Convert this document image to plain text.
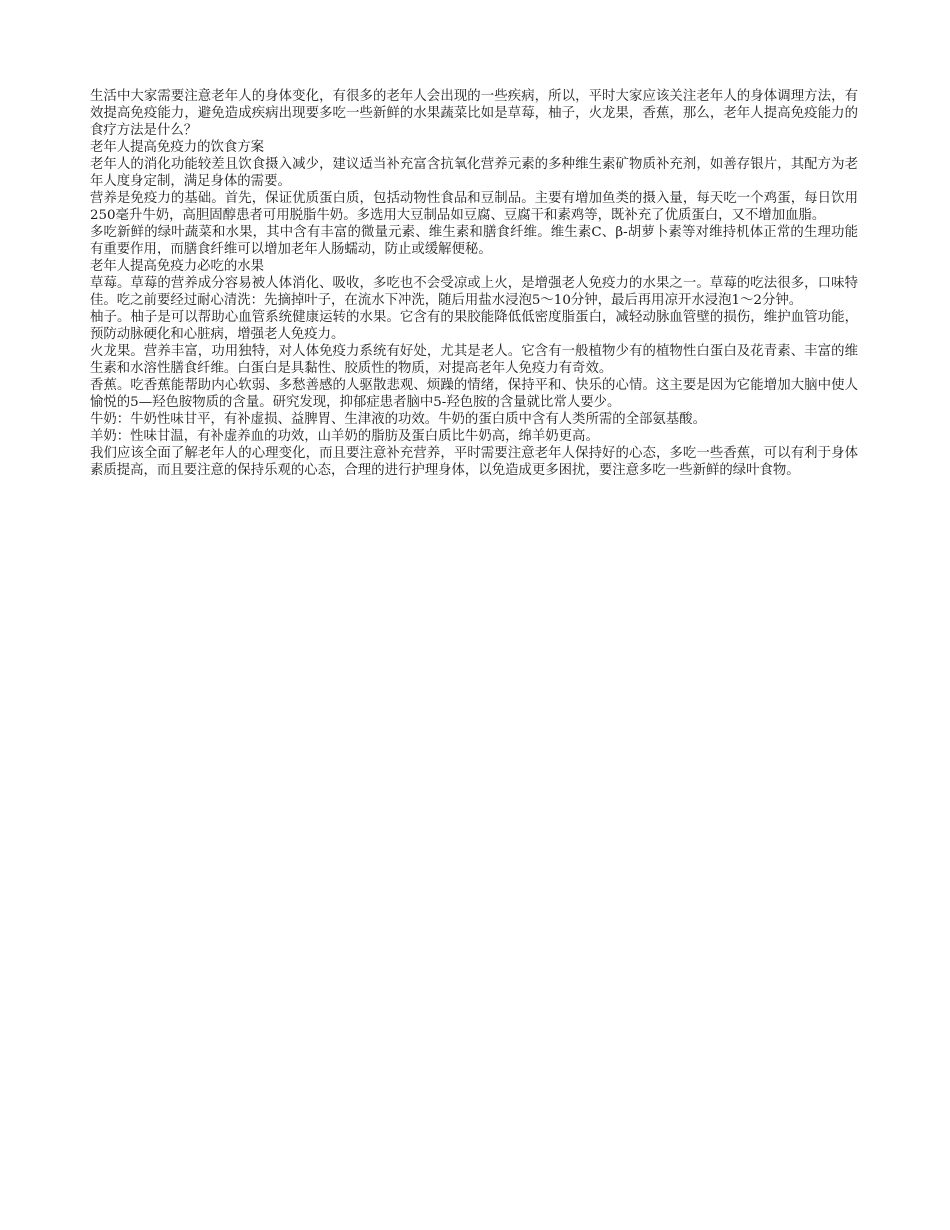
生活中大家需要注意老年人的身体变化，有很多的老年人会出现的一些疾病，所以，平时大家应该关注老年人的身体调理方法，有效提高免疫能力，避免造成疾病出现要多吃一些新鲜的水果蔬菜比如是草莓，柚子，火龙果，香蕉，那么，老年人提高免疫能力的食疗方法是什么？

老年人提高免疫力的饮食方案

老年人的消化功能较差且饮食摄入减少，建议适当补充富含抗氧化营养元素的多种维生素矿物质补充剂，如善存银片，其配方为老年人度身定制，满足身体的需要。

营养是免疫力的基础。首先，保证优质蛋白质，包括动物性食品和豆制品。主要有增加鱼类的摄入量，每天吃一个鸡蛋，每日饮用250毫升牛奶，高胆固醇患者可用脱脂牛奶。多选用大豆制品如豆腐、豆腐干和素鸡等，既补充了优质蛋白，又不增加血脂。

多吃新鲜的绿叶蔬菜和水果，其中含有丰富的微量元素、维生素和膳食纤维。维生素C、β-胡萝卜素等对维持机体正常的生理功能有重要作用，而膳食纤维可以增加老年人肠蠕动，防止或缓解便秘。

老年人提高免疫力必吃的水果

草莓。草莓的营养成分容易被人体消化、吸收，多吃也不会受凉或上火，是增强老人免疫力的水果之一。草莓的吃法很多，口味特佳。吃之前要经过耐心清洗：先摘掉叶子，在流水下冲洗，随后用盐水浸泡5～10分钟，最后再用凉开水浸泡1～2分钟。

柚子。柚子是可以帮助心血管系统健康运转的水果。它含有的果胶能降低低密度脂蛋白，减轻动脉血管壁的损伤，维护血管功能，预防动脉硬化和心脏病，增强老人免疫力。

火龙果。营养丰富，功用独特，对人体免疫力系统有好处，尤其是老人。它含有一般植物少有的植物性白蛋白及花青素、丰富的维生素和水溶性膳食纤维。白蛋白是具黏性、胶质性的物质，对提高老年人免疫力有奇效。

香蕉。吃香蕉能帮助内心软弱、多愁善感的人驱散悲观、烦躁的情绪，保持平和、快乐的心情。这主要是因为它能增加大脑中使人愉悦的5—羟色胺物质的含量。研究发现，抑郁症患者脑中5-羟色胺的含量就比常人要少。

牛奶：牛奶性味甘平，有补虚损、益脾胃、生津液的功效。牛奶的蛋白质中含有人类所需的全部氨基酸。

羊奶：性味甘温，有补虚养血的功效，山羊奶的脂肪及蛋白质比牛奶高，绵羊奶更高。

我们应该全面了解老年人的心理变化，而且要注意补充营养，平时需要注意老年人保持好的心态，多吃一些香蕉，可以有利于身体素质提高，而且要注意的保持乐观的心态，合理的进行护理身体，以免造成更多困扰，要注意多吃一些新鲜的绿叶食物。
